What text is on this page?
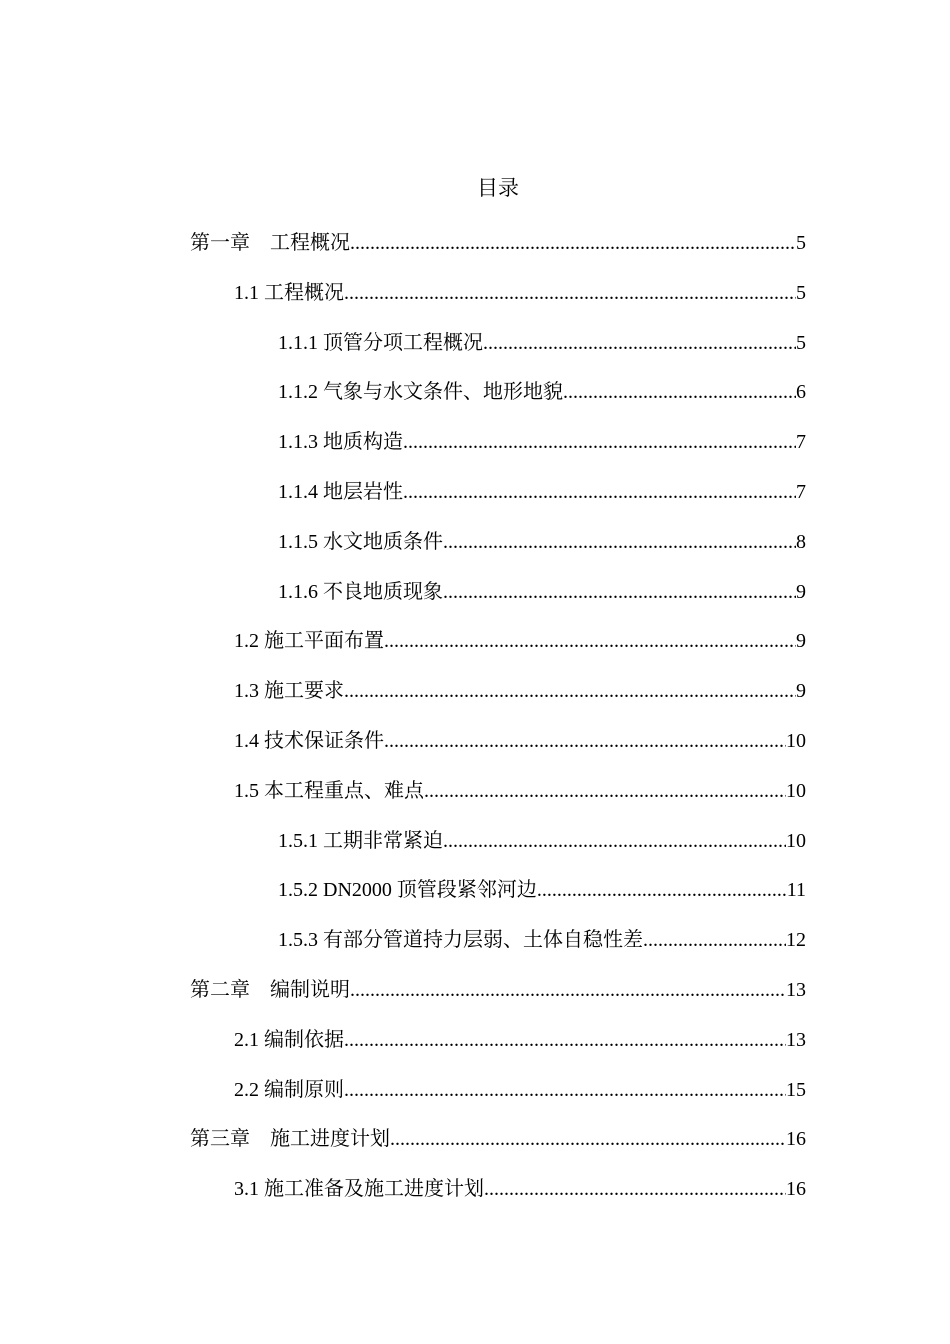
目录
第一章　工程概况 .....	5
1.1 工程概况 .....	5
1.1.1 顶管分项工程概况 .....	5
1.1.2 气象与水文条件、地形地貌 .....	6
1.1.3 地质构造 .....	7
1.1.4 地层岩性 .....	7
1.1.5 水文地质条件 .....	8
1.1.6 不良地质现象 .....	9
1.2 施工平面布置 .....	9
1.3 施工要求 .....	9
1.4 技术保证条件 .....	10
1.5 本工程重点、难点 .....	10
1.5.1 工期非常紧迫 .....	10
1.5.2 DN2000 顶管段紧邻河边 .....	11
1.5.3 有部分管道持力层弱、土体自稳性差 .....	12
第二章　编制说明 .....	13
2.1 编制依据 .....	13
2.2 编制原则 .....	15
第三章　施工进度计划 .....	16
3.1 施工准备及施工进度计划 .....	16
